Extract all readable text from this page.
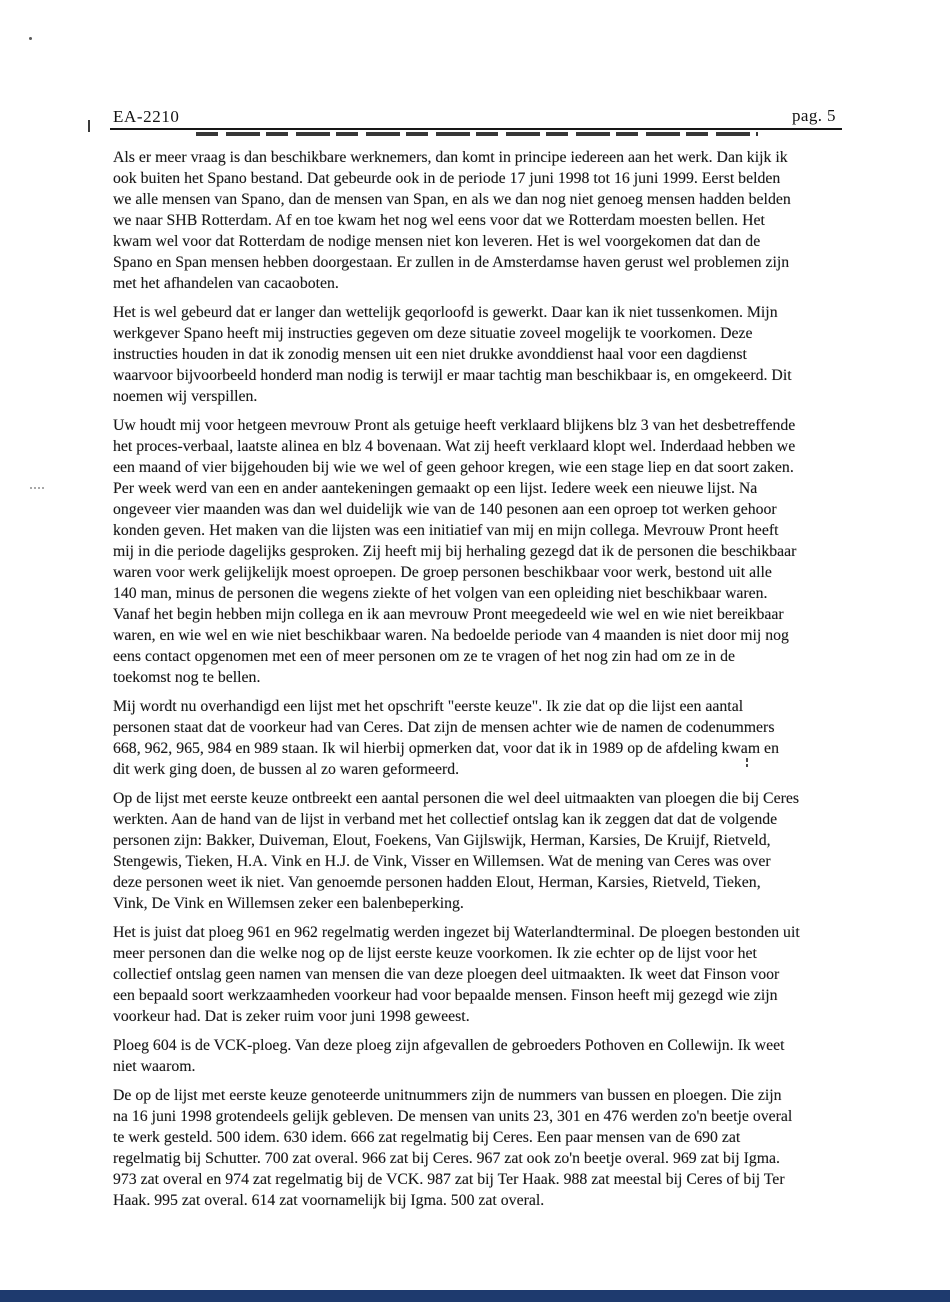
EA-2210	pag. 5
Als er meer vraag is dan beschikbare werknemers, dan komt in principe iedereen aan het werk. Dan kijk ik
ook buiten het Spano bestand. Dat gebeurde ook in de periode 17 juni 1998 tot 16 juni 1999. Eerst belden
we alle mensen van Spano, dan de mensen van Span, en als we dan nog niet genoeg mensen hadden belden
we naar SHB Rotterdam. Af en toe kwam het nog wel eens voor dat we Rotterdam moesten bellen. Het
kwam wel voor dat Rotterdam de nodige mensen niet kon leveren. Het is wel voorgekomen dat dan de
Spano en Span mensen hebben doorgestaan. Er zullen in de Amsterdamse haven gerust wel problemen zijn
met het afhandelen van cacaoboten.
Het is wel gebeurd dat er langer dan wettelijk geqorloofd is gewerkt. Daar kan ik niet tussenkomen. Mijn
werkgever Spano heeft mij instructies gegeven om deze situatie zoveel mogelijk te voorkomen. Deze
instructies houden in dat ik zonodig mensen uit een niet drukke avonddienst haal voor een dagdienst
waarvoor bijvoorbeeld honderd man nodig is terwijl er maar tachtig man beschikbaar is, en omgekeerd. Dit
noemen wij verspillen.
Uw houdt mij voor hetgeen mevrouw Pront als getuige heeft verklaard blijkens blz 3 van het desbetreffende
het proces-verbaal, laatste alinea en blz 4 bovenaan. Wat zij heeft verklaard klopt wel. Inderdaad hebben we
een maand of vier bijgehouden bij wie we wel of geen gehoor kregen, wie een stage liep en dat soort zaken.
Per week werd van een en ander aantekeningen gemaakt op een lijst. Iedere week een nieuwe lijst. Na
ongeveer vier maanden was dan wel duidelijk wie van de 140 pesonen aan een oproep tot werken gehoor
konden geven. Het maken van die lijsten was een initiatief van mij en mijn collega. Mevrouw Pront heeft
mij in die periode dagelijks gesproken. Zij heeft mij bij herhaling gezegd dat ik de personen die beschikbaar
waren voor werk gelijkelijk moest oproepen. De groep personen beschikbaar voor werk, bestond uit alle
140 man, minus de personen die wegens ziekte of het volgen van een opleiding niet beschikbaar waren.
Vanaf het begin hebben mijn collega en ik aan mevrouw Pront meegedeeld wie wel en wie niet bereikbaar
waren, en wie wel en wie niet beschikbaar waren. Na bedoelde periode van 4 maanden is niet door mij nog
eens contact opgenomen met een of meer personen om ze te vragen of het nog zin had om ze in de
toekomst nog te bellen.
Mij wordt nu overhandigd een lijst met het opschrift "eerste keuze". Ik zie dat op die lijst een aantal
personen staat dat de voorkeur had van Ceres. Dat zijn de mensen achter wie de namen de codenummers
668, 962, 965, 984 en 989 staan. Ik wil hierbij opmerken dat, voor dat ik in 1989 op de afdeling kwam en
dit werk ging doen, de bussen al zo waren geformeerd.
Op de lijst met eerste keuze ontbreekt een aantal personen die wel deel uitmaakten van ploegen die bij Ceres
werkten. Aan de hand van de lijst in verband met het collectief ontslag kan ik zeggen dat dat de volgende
personen zijn: Bakker, Duiveman, Elout, Foekens, Van Gijlswijk, Herman, Karsies, De Kruijf, Rietveld,
Stengewis, Tieken, H.A. Vink en H.J. de Vink, Visser en Willemsen. Wat de mening van Ceres was over
deze personen weet ik niet. Van genoemde personen hadden Elout, Herman, Karsies, Rietveld, Tieken,
Vink, De Vink en Willemsen zeker een balenbeperking.
Het is juist dat ploeg 961 en 962 regelmatig werden ingezet bij Waterlandterminal. De ploegen bestonden uit
meer personen dan die welke nog op de lijst eerste keuze voorkomen. Ik zie echter op de lijst voor het
collectief ontslag geen namen van mensen die van deze ploegen deel uitmaakten. Ik weet dat Finson voor
een bepaald soort werkzaamheden voorkeur had voor bepaalde mensen. Finson heeft mij gezegd wie zijn
voorkeur had. Dat is zeker ruim voor juni 1998 geweest.
Ploeg 604 is de VCK-ploeg. Van deze ploeg zijn afgevallen de gebroeders Pothoven en Collewijn. Ik weet
niet waarom.
De op de lijst met eerste keuze genoteerde unitnummers zijn de nummers van bussen en ploegen. Die zijn
na 16 juni 1998 grotendeels gelijk gebleven. De mensen van units 23, 301 en 476 werden zo'n beetje overal
te werk gesteld. 500 idem. 630 idem. 666 zat regelmatig bij Ceres. Een paar mensen van de 690 zat
regelmatig bij Schutter. 700 zat overal. 966 zat bij Ceres. 967 zat ook zo'n beetje overal. 969 zat bij Igma.
973 zat overal en 974 zat regelmatig bij de VCK. 987 zat bij Ter Haak. 988 zat meestal bij Ceres of bij Ter
Haak. 995 zat overal. 614 zat voornamelijk bij Igma. 500 zat overal.
